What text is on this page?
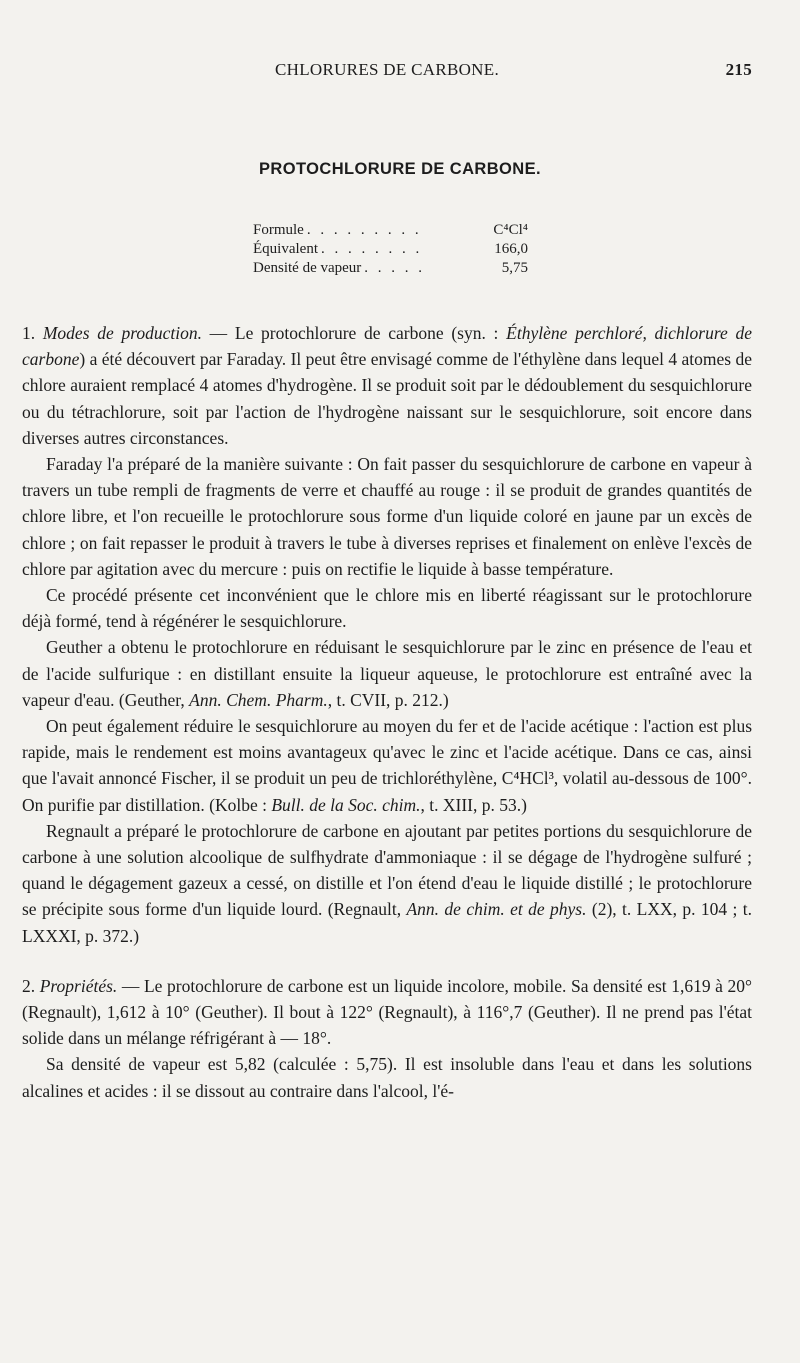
CHLORURES DE CARBONE.	215
PROTOCHLORURE DE CARBONE.
Formule . . . . . . . . .	C⁴Cl⁴
Équivalent . . . . . . . .	166,0
Densité de vapeur . . . . .	5,75

1. Modes de production. — Le protochlorure de carbone (syn. : Éthylène perchloré, dichlorure de carbone) a été découvert par Faraday. Il peut être envisagé comme de l'éthylène dans lequel 4 atomes de chlore auraient remplacé 4 atomes d'hydrogène. Il se produit soit par le dédoublement du sesquichlorure ou du tétrachlorure, soit par l'action de l'hydrogène naissant sur le sesquichlorure, soit encore dans diverses autres circonstances.

Faraday l'a préparé de la manière suivante : On fait passer du sesquichlorure de carbone en vapeur à travers un tube rempli de fragments de verre et chauffé au rouge : il se produit de grandes quantités de chlore libre, et l'on recueille le protochlorure sous forme d'un liquide coloré en jaune par un excès de chlore ; on fait repasser le produit à travers le tube à diverses reprises et finalement on enlève l'excès de chlore par agitation avec du mercure : puis on rectifie le liquide à basse température.

Ce procédé présente cet inconvénient que le chlore mis en liberté réagissant sur le protochlorure déjà formé, tend à régénérer le sesquichlorure.

Geuther a obtenu le protochlorure en réduisant le sesquichlorure par le zinc en présence de l'eau et de l'acide sulfurique : en distillant ensuite la liqueur aqueuse, le protochlorure est entraîné avec la vapeur d'eau. (Geuther, Ann. Chem. Pharm., t. CVII, p. 212.)

On peut également réduire le sesquichlorure au moyen du fer et de l'acide acétique : l'action est plus rapide, mais le rendement est moins avantageux qu'avec le zinc et l'acide acétique. Dans ce cas, ainsi que l'avait annoncé Fischer, il se produit un peu de trichloréthylène, C⁴HCl³, volatil au-dessous de 100°. On purifie par distillation. (Kolbe : Bull. de la Soc. chim., t. XIII, p. 53.)

Regnault a préparé le protochlorure de carbone en ajoutant par petites portions du sesquichlorure de carbone à une solution alcoolique de sulfhydrate d'ammoniaque : il se dégage de l'hydrogène sulfuré ; quand le dégagement gazeux a cessé, on distille et l'on étend d'eau le liquide distillé ; le protochlorure se précipite sous forme d'un liquide lourd. (Regnault, Ann. de chim. et de phys. (2), t. LXX, p. 104 ; t. LXXXI, p. 372.)

2. Propriétés. — Le protochlorure de carbone est un liquide incolore, mobile. Sa densité est 1,619 à 20° (Regnault), 1,612 à 10° (Geuther). Il bout à 122° (Regnault), à 116°,7 (Geuther). Il ne prend pas l'état solide dans un mélange réfrigérant à — 18°.

Sa densité de vapeur est 5,82 (calculée : 5,75). Il est insoluble dans l'eau et dans les solutions alcalines et acides : il se dissout au contraire dans l'alcool, l'é-
